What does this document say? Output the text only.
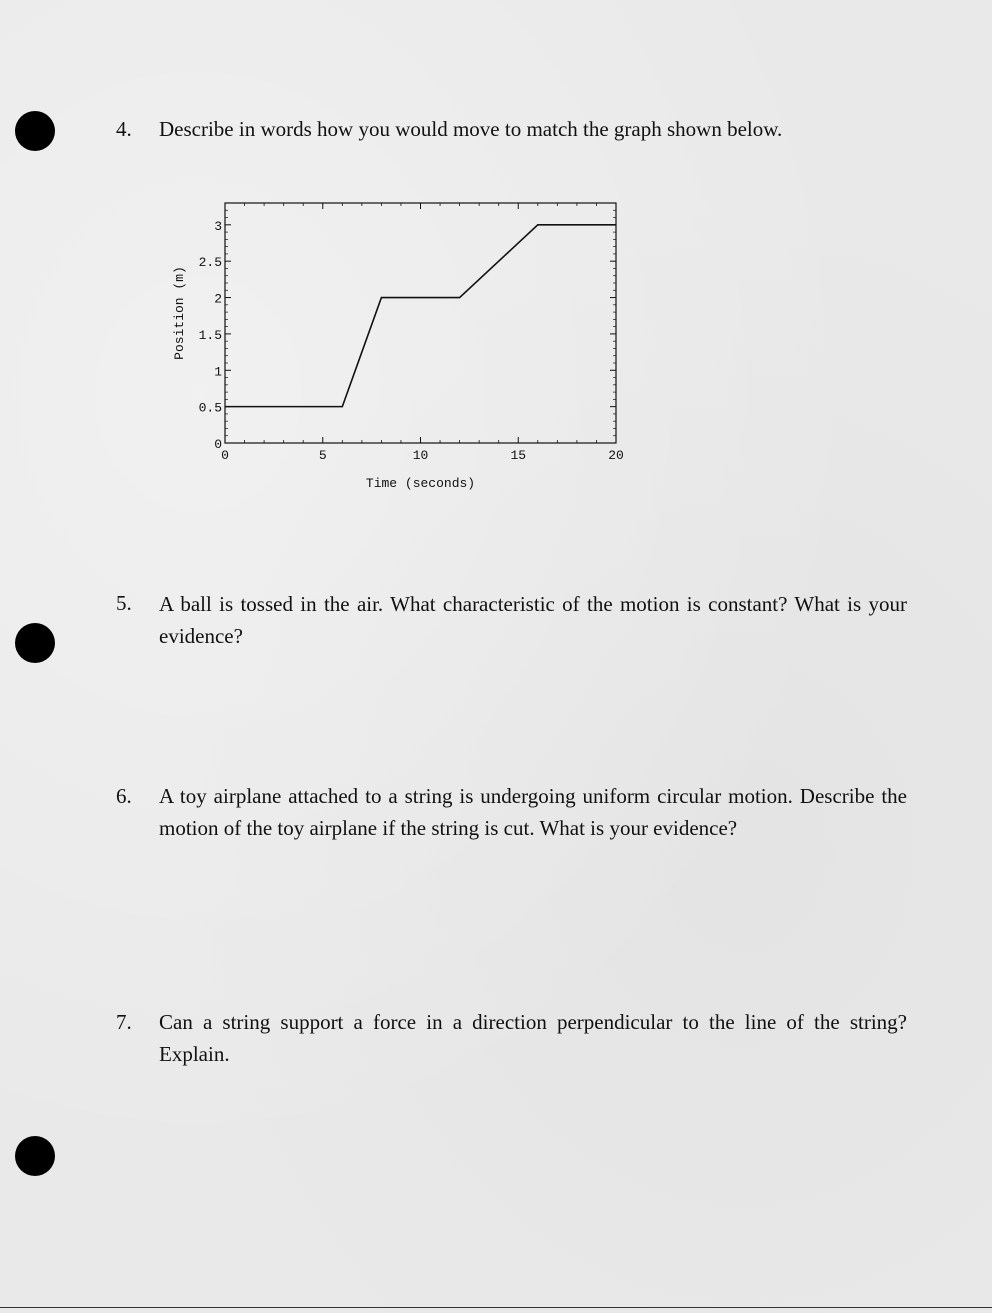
4. Describe in words how you would move to match the graph shown below.
0	5	10	15	20
0
0.5
1
1.5
2
2.5
3
Time (seconds)
Position (m)
5. A ball is tossed in the air. What characteristic of the motion is constant? What is your evidence?
6. A toy airplane attached to a string is undergoing uniform circular motion. Describe the motion of the toy airplane if the string is cut. What is your evidence?
7. Can a string support a force in a direction perpendicular to the line of the string? Explain.
